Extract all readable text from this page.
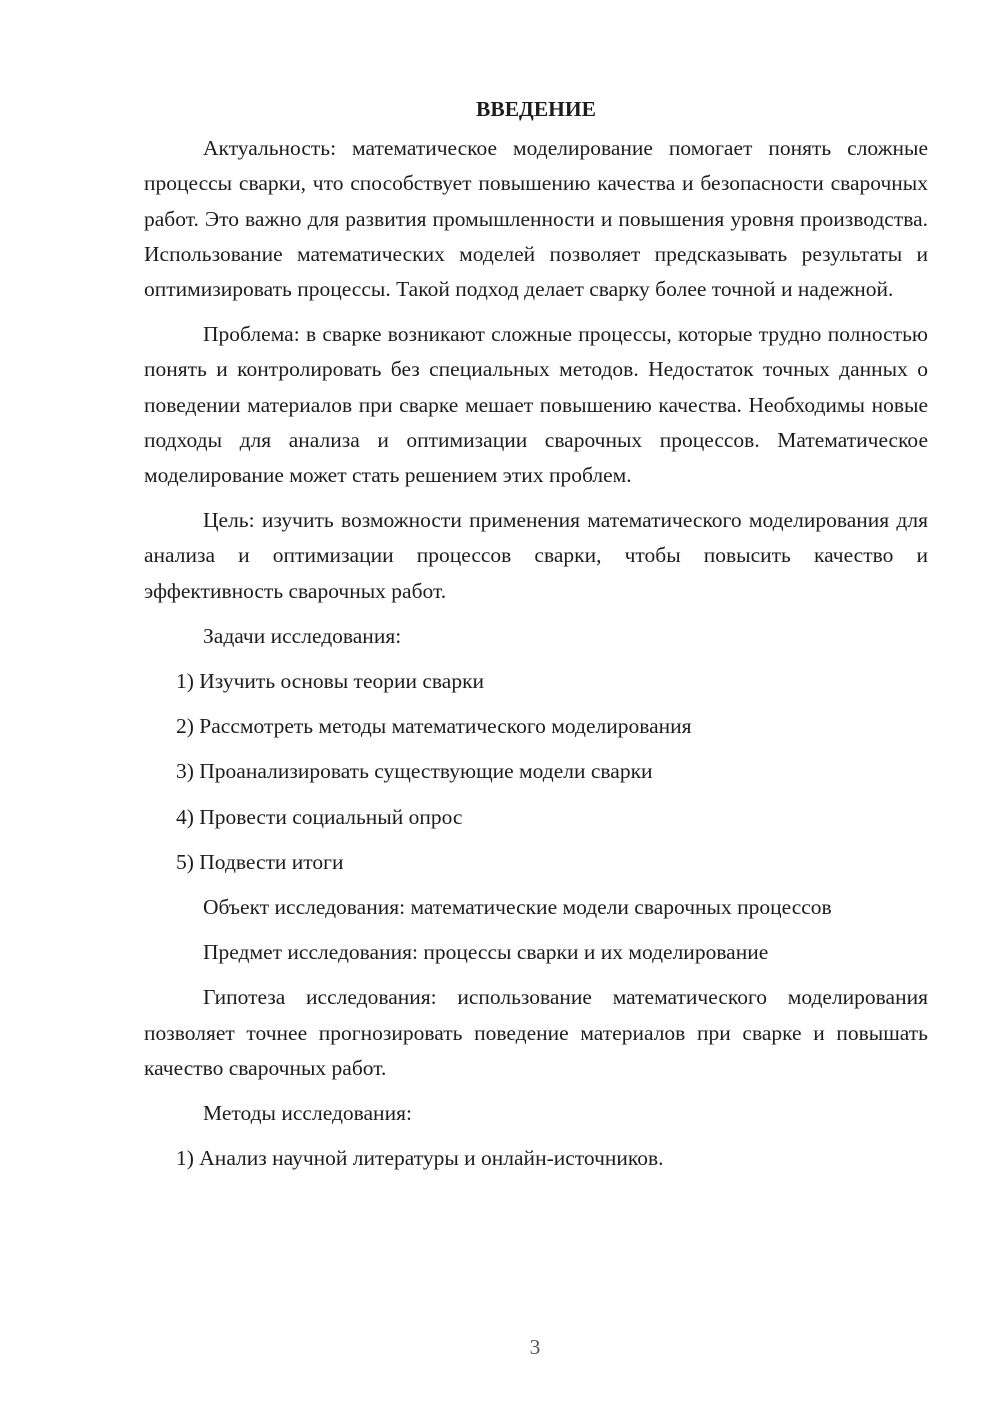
ВВЕДЕНИЕ

Актуальность: математическое моделирование помогает понять сложные процессы сварки, что способствует повышению качества и безопасности сварочных работ. Это важно для развития промышленности и повышения уровня производства. Использование математических моделей позволяет предсказывать результаты и оптимизировать процессы. Такой подход делает сварку более точной и надежной.

Проблема: в сварке возникают сложные процессы, которые трудно полностью понять и контролировать без специальных методов. Недостаток точных данных о поведении материалов при сварке мешает повышению качества. Необходимы новые подходы для анализа и оптимизации сварочных процессов. Математическое моделирование может стать решением этих проблем.

Цель: изучить возможности применения математического моделирования для анализа и оптимизации процессов сварки, чтобы повысить качество и эффективность сварочных работ.

Задачи исследования:

1) Изучить основы теории сварки

2) Рассмотреть методы математического моделирования

3) Проанализировать существующие модели сварки

4) Провести социальный опрос

5) Подвести итоги

Объект исследования: математические модели сварочных процессов

Предмет исследования: процессы сварки и их моделирование

Гипотеза исследования: использование математического моделирования позволяет точнее прогнозировать поведение материалов при сварке и повышать качество сварочных работ.

Методы исследования:

1) Анализ научной литературы и онлайн-источников.

3
